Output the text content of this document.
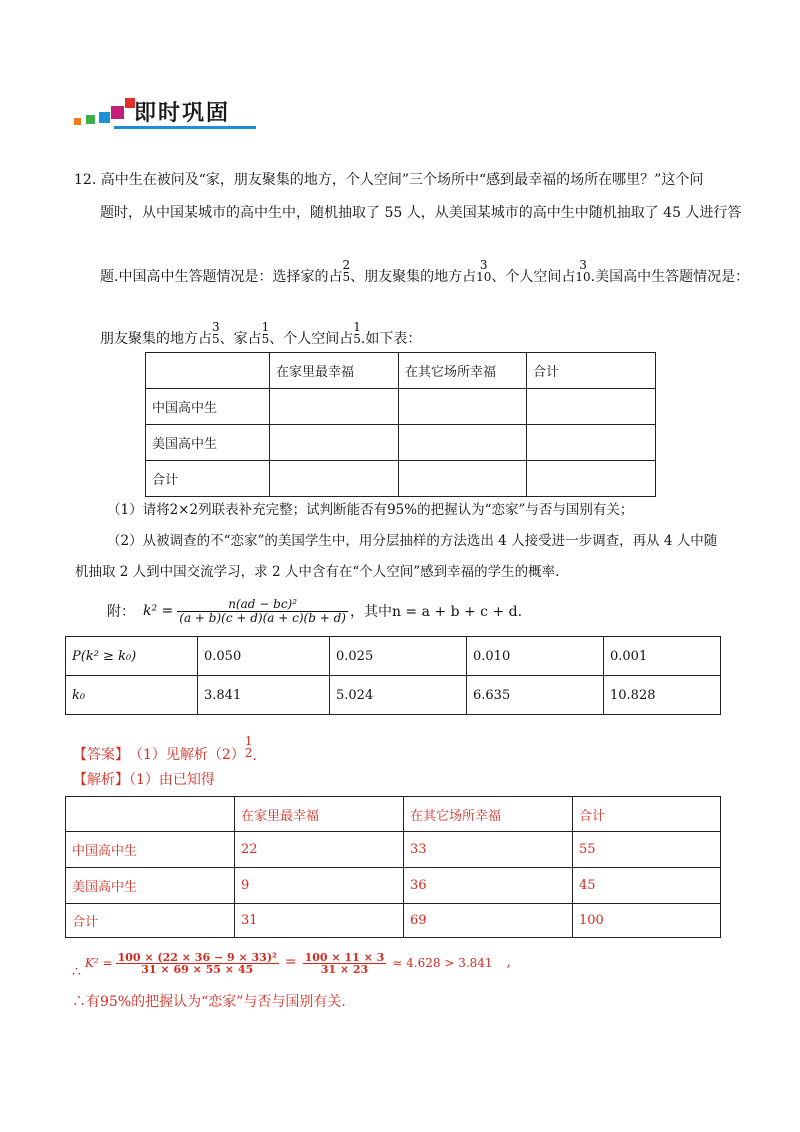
即时巩固
12. 高中生在被问及“家，朋友聚集的地方，个人空间”三个场所中“感到最幸福的场所在哪里？”这个问
题时，从中国某城市的高中生中，随机抽取了 55 人，从美国某城市的高中生中随机抽取了 45 人进行答
题.中国高中生答题情况是：选择家的占
2
5 、朋友聚集的地方占
3
10 、个人空间占
3
10 .美国高中生答题情况是：
朋友聚集的地方占
3
5 、家占
1
5 、个人空间占
1
5 .如下表：
	在家里最幸福	在其它场所幸福	合计
中国高中生			
美国高中生			
合计			
（1）请将2×2列联表补充完整；试判断能否有95%的把握认为“恋家”与否与国别有关；
（2）从被调查的不“恋家”的美国学生中，用分层抽样的方法选出 4 人接受进一步调查，再从 4 人中随
机抽取 2 人到中国交流学习，求 2 人中含有在“个人空间”感到幸福的学生的概率.
附： $k^2 = \frac{\text{n(ad − bc)²}}{(a + b)(c + d)(a + c)(b + d)}$ ，其中n = a + b + c + d.
P(k² ≥ k₀)	0.050	0.025	0.010	0.001
k₀	3.841	5.024	6.635	10.828
【答案】 （1）见解析（2）
1
2 .
【解析】（1）由已知得
	在家里最幸福	在其它场所幸福	合计
中国高中生	22	33	55
美国高中生	9	36	45
合计	31	69	100
∴
$K^2 = \frac{\text{100 × (22 × 36 − 9 × 33)²}}{31 \times 69 \times 55 \times 45} = \frac{100 \times 11 \times 3}{31 \times 23} \approx 4.628 > 3.841$ ,
∴有95%的把握认为“恋家”与否与国别有关.
